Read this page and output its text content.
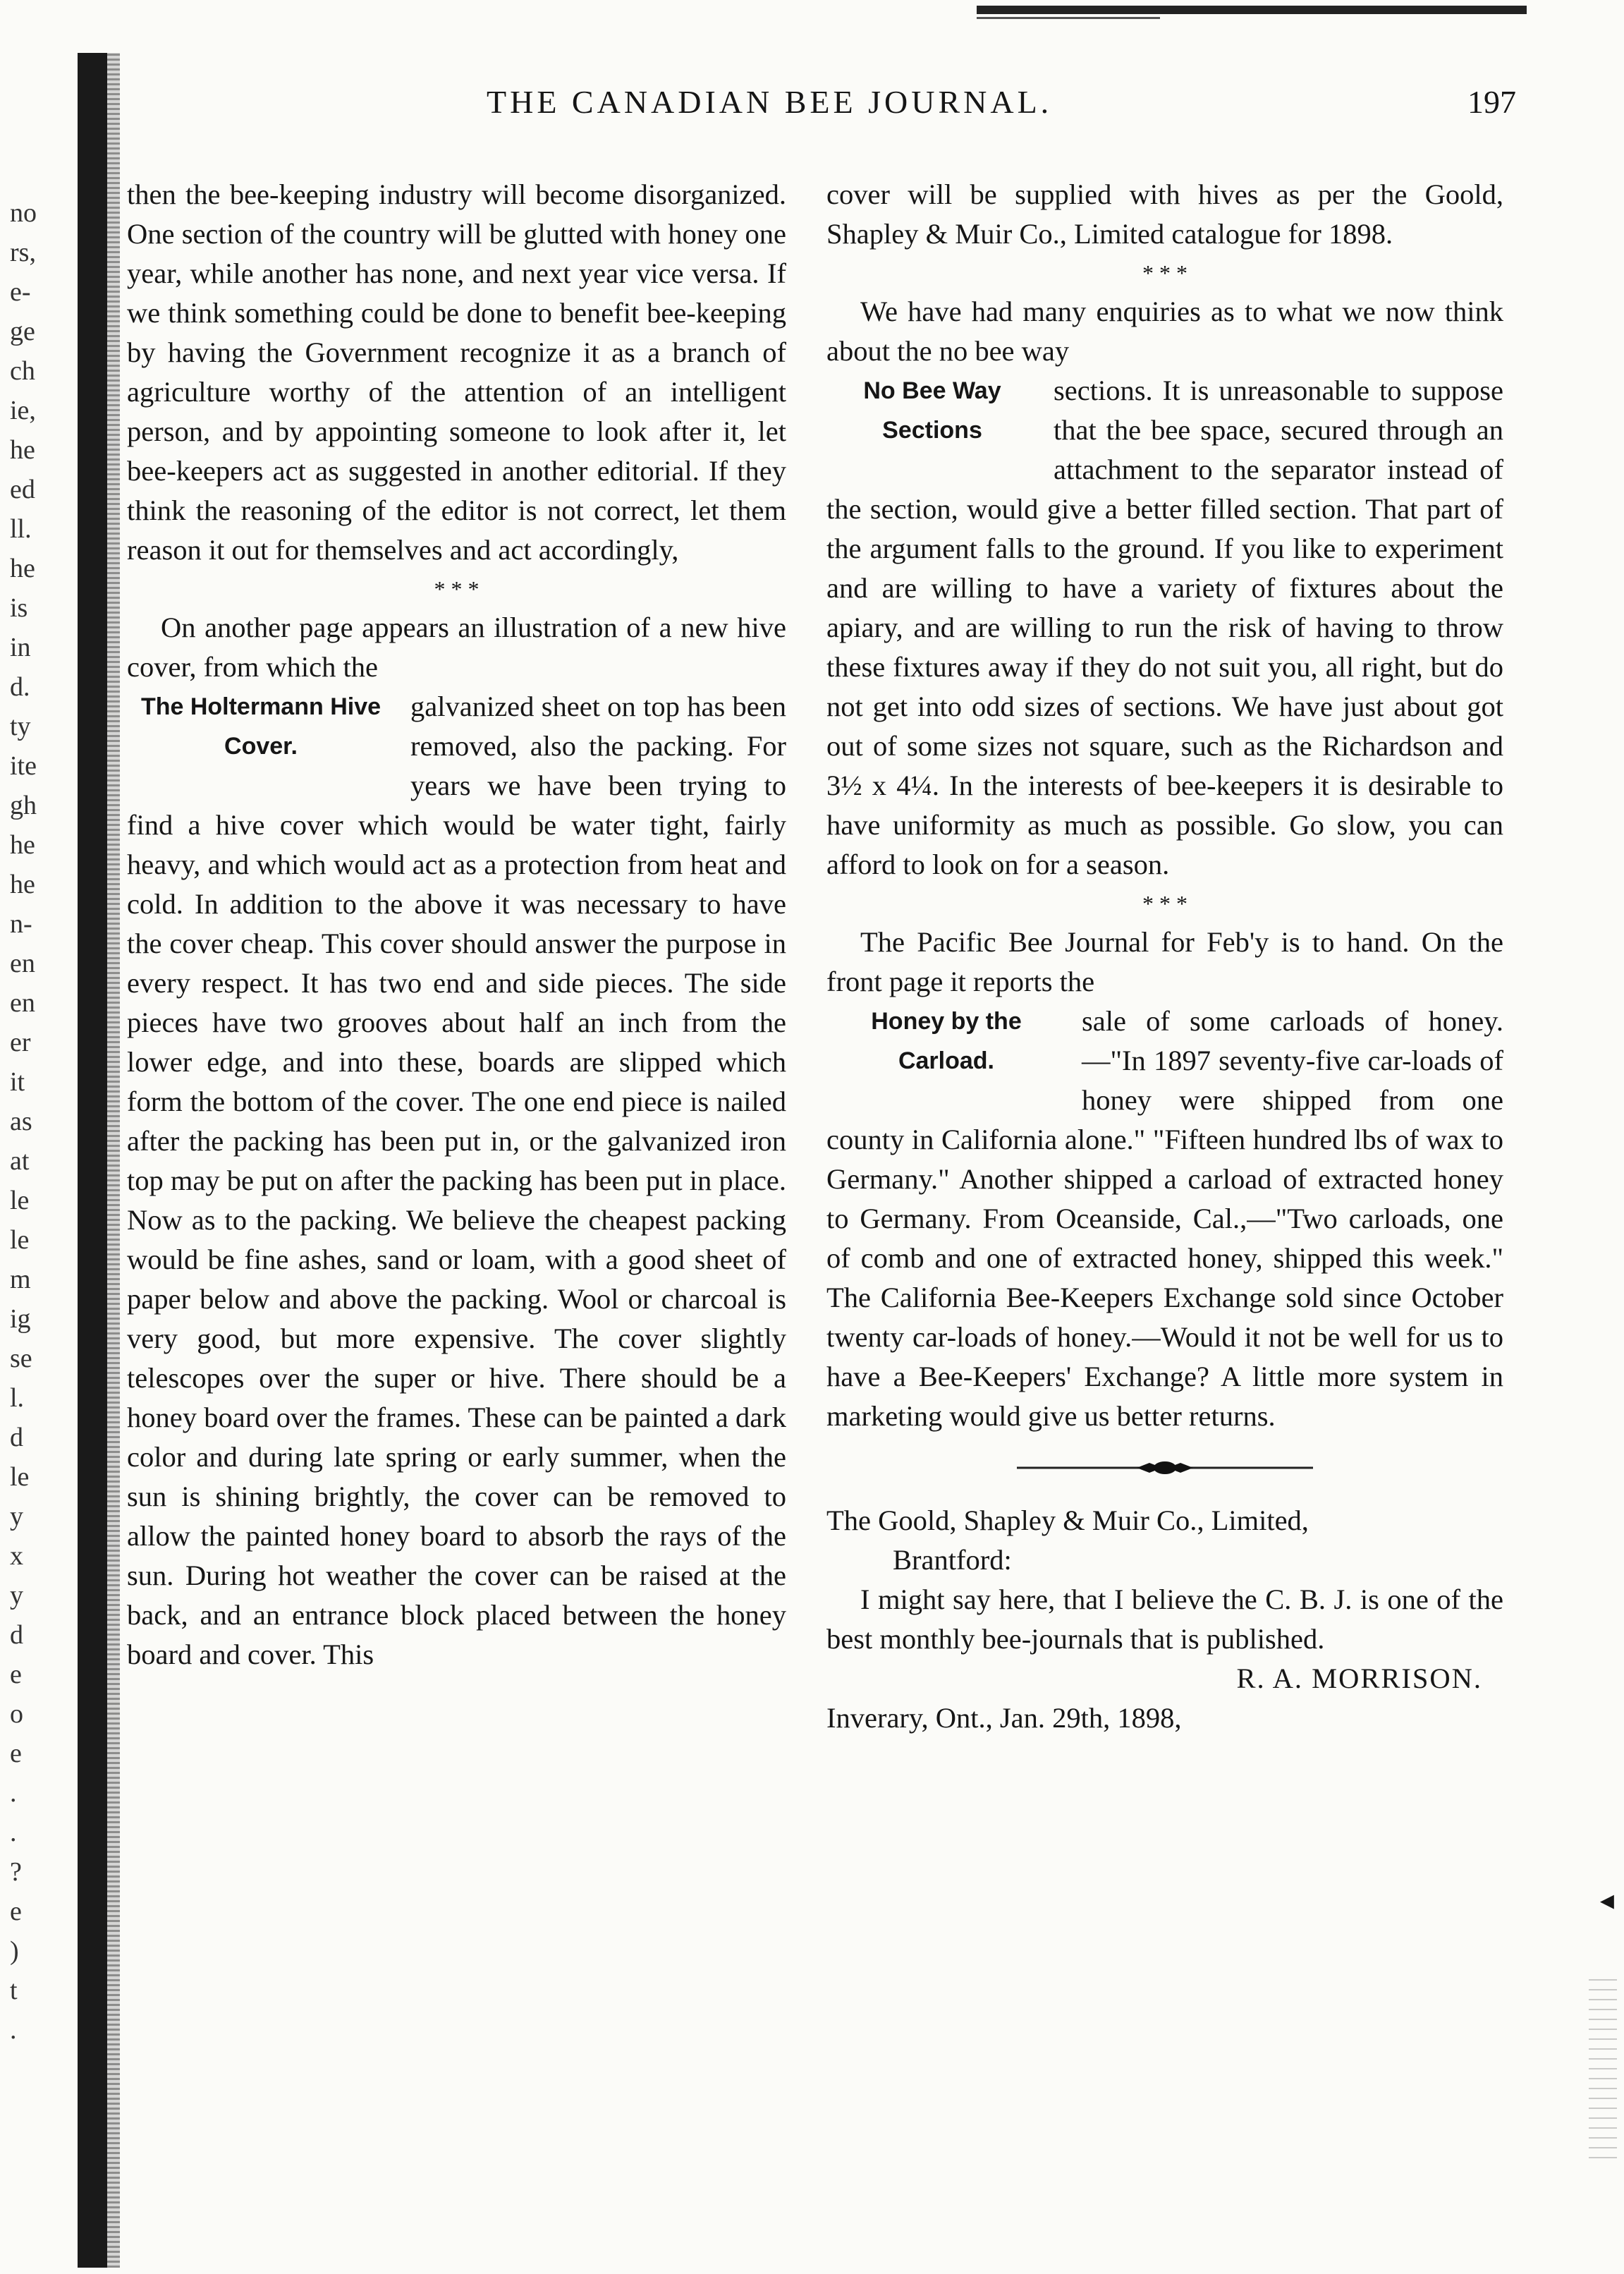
THE CANADIAN BEE JOURNAL.	197
no
rs,
e-
ge
ch
ie,
he
ed
ll.
he
is
in
d.
ty
ite
gh
he
he
n-
en
en
er
it
as
at
le
le
m
ig
se
l.
d
le
y
x
y
d
e
o
e
.
.
?
e
)
t
.

then the bee-keeping industry will become disorganized. One section of the country will be glutted with honey one year, while another has none, and next year vice versa. If we think something could be done to benefit bee-keeping by having the Government recognize it as a branch of agriculture worthy of the attention of an intelligent person, and by appointing someone to look after it, let bee-keepers act as suggested in another editorial. If they think the reasoning of the editor is not correct, let them reason it out for themselves and act accordingly,

* * *

On another page appears an illustration of a new hive cover, from which the

The Holtermann Hive Cover.

galvanized sheet on top has been removed, also the packing. For years we have been trying to find a hive cover which would be water tight, fairly heavy, and which would act as a protection from heat and cold. In addition to the above it was necessary to have the cover cheap. This cover should answer the purpose in every respect. It has two end and side pieces. The side pieces have two grooves about half an inch from the lower edge, and into these, boards are slipped which form the bottom of the cover. The one end piece is nailed after the packing has been put in, or the galvanized iron top may be put on after the packing has been put in place. Now as to the packing. We believe the cheapest packing would be fine ashes, sand or loam, with a good sheet of paper below and above the packing. Wool or charcoal is very good, but more expensive. The cover slightly telescopes over the super or hive. There should be a honey board over the frames. These can be painted a dark color and during late spring or early summer, when the sun is shining brightly, the cover can be removed to allow the painted honey board to absorb the rays of the sun. During hot weather the cover can be raised at the back, and an entrance block placed between the honey board and cover. This

cover will be supplied with hives as per the Goold, Shapley & Muir Co., Limited catalogue for 1898.

* * *

We have had many enquiries as to what we now think about the no bee way

No Bee Way Sections

sections. It is unreasonable to suppose that the bee space, secured through an attachment to the separator instead of the section, would give a better filled section. That part of the argument falls to the ground. If you like to experiment and are willing to have a variety of fixtures about the apiary, and are willing to run the risk of having to throw these fixtures away if they do not suit you, all right, but do not get into odd sizes of sections. We have just about got out of some sizes not square, such as the Richardson and 3½ x 4¼. In the interests of bee-keepers it is desirable to have uniformity as much as possible. Go slow, you can afford to look on for a season.

* * *

The Pacific Bee Journal for Feb'y is to hand. On the front page it reports the

Honey by the Carload.

sale of some carloads of honey.—"In 1897 seventy-five car-loads of honey were shipped from one county in California alone." "Fifteen hundred lbs of wax to Germany." Another shipped a carload of extracted honey to Germany. From Oceanside, Cal.,—"Two carloads, one of comb and one of extracted honey, shipped this week." The California Bee-Keepers Exchange sold since October twenty car-loads of honey.—Would it not be well for us to have a Bee-Keepers' Exchange? A little more system in marketing would give us better returns.

The Goold, Shapley & Muir Co., Limited,

Brantford:

I might say here, that I believe the C. B. J. is one of the best monthly bee-journals that is published.

R. A. MORRISON.

Inverary, Ont., Jan. 29th, 1898,

◂
